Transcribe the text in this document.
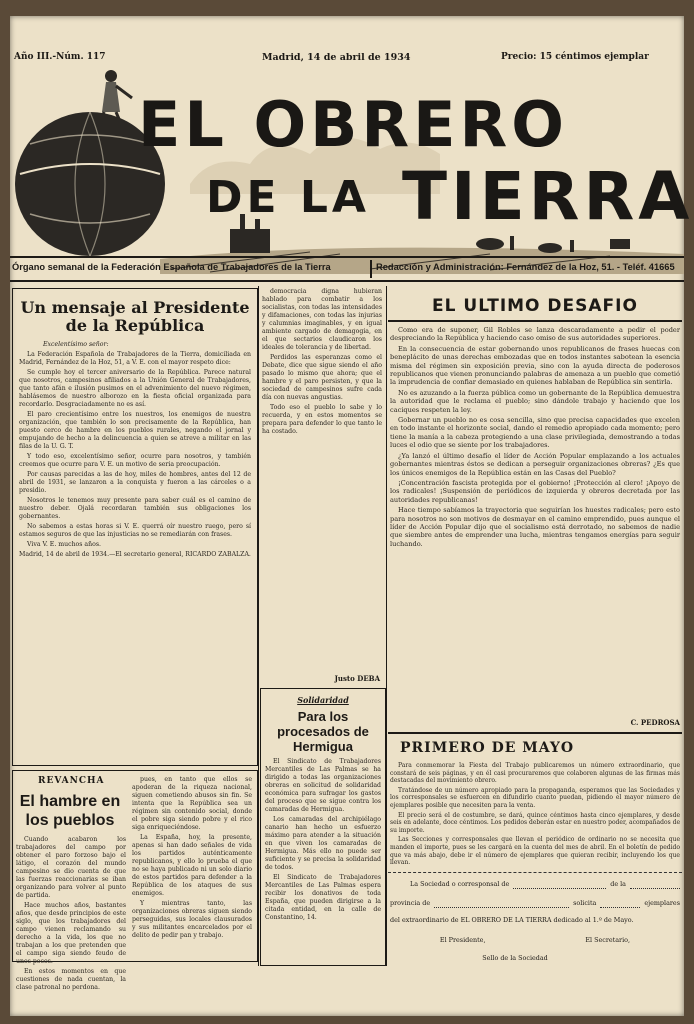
Año III.-Núm. 117	Madrid, 14 de abril de 1934	Precio: 15 céntimos ejemplar
EL OBRERO
DE LA TIERRA
Órgano semanal de la Federación Española de Trabajadores de la Tierra	Redacción y Administración: Fernández de la Hoz, 51. - Teléf. 41665
Un mensaje al Presidente de la República

Excelentísimo señor:

La Federación Española de Trabajadores de la Tierra, domiciliada en Madrid, Fernández de la Hoz, 51, a V. E. con el mayor respeto dice:

Se cumple hoy el tercer aniversario de la República. Parece natural que nosotros, campesinos afiliados a la Unión General de Trabajadores, que tanto afán e ilusión pusimos en el advenimiento del nuevo régimen, hablásemos de nuestro alborozo en la fiesta oficial organizada para recordarlo. Desgraciadamente no es así.

El paro crecientísimo entre los nuestros, los enemigos de nuestra organización, que también lo son precisamente de la República, han puesto cerco de hambre en los pueblos rurales, negando el jornal y empujando de hecho a la delincuencia a quien se atreve a militar en las filas de la U. G. T.

Y todo eso, excelentísimo señor, ocurre para nosotros, y también creemos que ocurre para V. E. un motivo de seria preocupación.

Por causas parecidas a las de hoy, miles de hombres, antes del 12 de abril de 1931, se lanzaron a la conquista y fueron a las cárceles o a presidio.

Nosotros le tenemos muy presente para saber cuál es el camino de nuestro deber. Ojalá recordaran también sus obligaciones los gobernantes.

No sabemos a estas horas si V. E. querrá oír nuestro ruego, pero sí estamos seguros de que las injusticias no se remediarán con frases.

Viva V. E. muchos años.

Madrid, 14 de abril de 1934.—El secretario general, RICARDO ZABALZA.

democracia digna hubieran hablado para combatir a los socialistas, con todas las intensidades y difamaciones, con todas las injurias y calumnias imaginables, y en igual ambiente cargado de demagogia, en el que sectarios claudicaron los ideales de tolerancia y de libertad.

Perdidos las esperanzas como el Debate, dice que sigue siendo el año pasado lo mismo que ahora; que el hambre y el paro persisten, y que la sociedad de campesinos sufre cada día con nuevas angustias.

Todo eso el pueblo lo sabe y lo recuerda, y en estos momentos se prepara para defender lo que tanto le ha costado.

Justo DEBA
Solidaridad
Para los procesados de Hermigua

El Sindicato de Trabajadores Mercantiles de Las Palmas se ha dirigido a todas las organizaciones obreras en solicitud de solidaridad económica para sufragar los gastos del proceso que se sigue contra los camaradas de Hermigua.

Los camaradas del archipiélago canario han hecho un esfuerzo máximo para atender a la situación en que viven los camaradas de Hermigua. Más ello no puede ser suficiente y se precisa la solidaridad de todos.

El Sindicato de Trabajadores Mercantiles de Las Palmas espera recibir los donativos de toda España, que pueden dirigirse a la citada entidad, en la calle de Constantino, 14.

EL ULTIMO DESAFIO

Como era de suponer, Gil Robles se lanza descaradamente a pedir el poder despreciando la República y haciendo caso omiso de sus autoridades superiores.

En la consecuencia de estar gobernando unos republicanos de frases huecas con beneplácito de unas derechas embozadas que en todos instantes sabotean la esencia misma del régimen sin exposición previa, sino con la ayuda directa de poderosos republicanos que vienen pronunciando palabras de amenaza a un pueblo que cometió la imprudencia de confiar demasiado en quienes hablaban de República sin sentirla.

No es azuzando a la fuerza pública como un gobernante de la República demuestra la autoridad que le reclama el pueblo; sino dándole trabajo y haciendo que los caciques respeten la ley.

Gobernar un pueblo no es cosa sencilla, sino que precisa capacidades que excelen en todo instante el horizonte social, dando el remedio apropiado cada momento; pero tiene la manía a la cabeza protegiendo a una clase privilegiada, demostrando a todas luces el odio que se siente por los trabajadores.

¿Ya lanzó el último desafío el líder de Acción Popular emplazando a los actuales gobernantes mientras éstos se dedican a perseguir organizaciones obreras? ¿Es que los únicos enemigos de la República están en las Casas del Pueblo?

¡Concentración fascista protegida por el gobierno! ¡Protección al clero! ¡Apoyo de los radicales! ¡Suspensión de periódicos de izquierda y obreros decretada por las autoridades republicanas!

Hace tiempo sabíamos la trayectoria que seguirían los huestes radicales; pero esto para nosotros no son motivos de desmayar en el camino emprendido, pues aunque el líder de Acción Popular dijo que el socialismo está derrotado, no sabemos de nadie que siembre antes de emprender una lucha, mientras tengamos energías para seguir luchando.

C. PEDROSA
PRIMERO DE MAYO

Para conmemorar la Fiesta del Trabajo publicaremos un número extraordinario, que constará de seis páginas, y en él casi procuraremos que colaboren algunas de las firmas más destacadas del movimiento obrero.

Tratándose de un número apropiado para la propaganda, esperamos que las Sociedades y los corresponsales se esfuercen en difundirlo cuanto puedan, pidiendo el mayor número de ejemplares posible que necesiten para la venta.

El precio será el de costumbre, se dará, quince céntimos hasta cinco ejemplares, y desde seis en adelante, doce céntimos. Los pedidos deberán estar en nuestro poder, acompañados de su importe.

Las Secciones y corresponsales que llevan el periódico de ordinario no se necesita que manden el importe, pues se les cargará en la cuenta del mes de abril. En el boletín de pedido que va más abajo, debe ir el número de ejemplares que quieran recibir, incluyendo los que llevan.

La Sociedad o corresponsal de	de la
provincia de	solicita	ejemplares
del extraordinario de EL OBRERO DE LA TIERRA dedicado al 1.º de Mayo.
El Presidente,	El Secretario,
Sello de la Sociedad
REVANCHA
El hambre en los pueblos

Cuando acabaron los trabajadores del campo por obtener el paro forzoso bajo el látigo, el corazón del mundo campesino se dio cuenta de que las fuerzas reaccionarias se iban organizando para volver al punto de partida.

Hace muchos años, bastantes años, que desde principios de este siglo, que los trabajadores del campo vienen reclamando su derecho a la vida, los que no trabajan a los que pretenden que el campo siga siendo feudo de unos pocos.

En estos momentos en que cuestiones de nada cuentan, la clase patronal no perdona.

pues, en tanto que ellos se apoderan de la riqueza nacional, siguen cometiendo abusos sin fin. Se intenta que la República sea un régimen sin contenido social, donde el pobre siga siendo pobre y el rico siga enriqueciéndose.

La España, hoy, la presente, apenas si han dado señales de vida los partidos auténticamente republicanos, y ello lo prueba el que no se haya publicado ni un solo diario de estos partidos para defender a la República de los ataques de sus enemigos.

Y mientras tanto, las organizaciones obreras siguen siendo perseguidas, sus locales clausurados y sus militantes encarcelados por el delito de pedir pan y trabajo.
